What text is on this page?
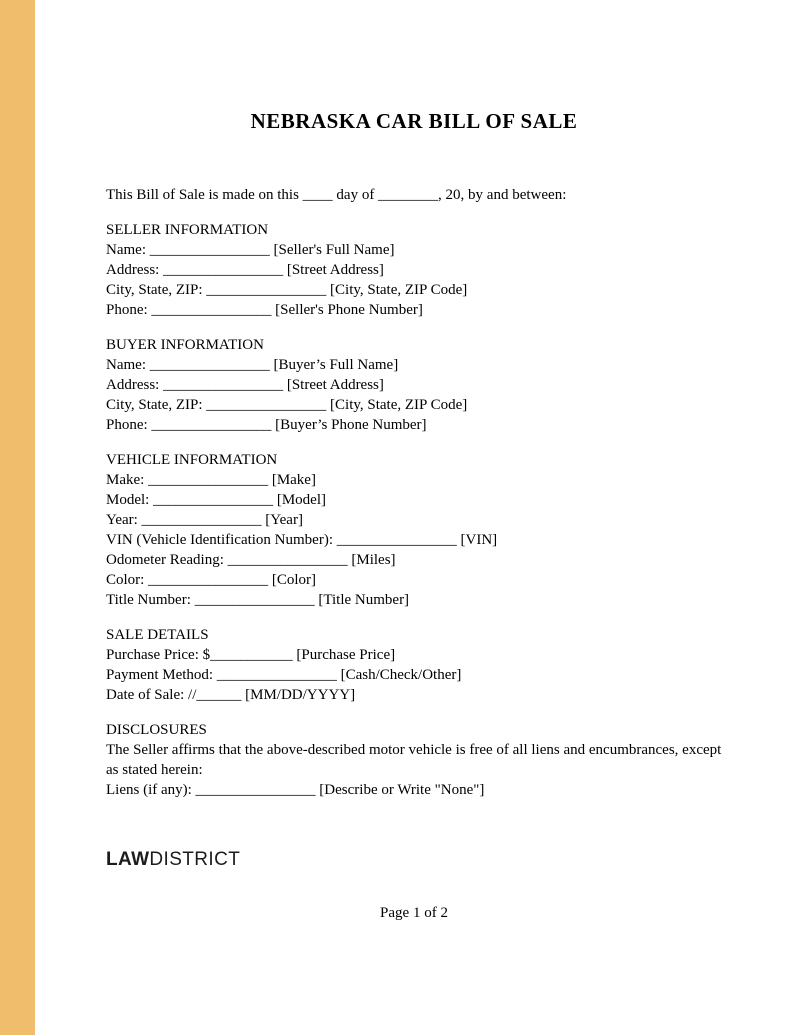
NEBRASKA CAR BILL OF SALE

This Bill of Sale is made on this ____ day of ________, 20, by and between:

SELLER INFORMATION

Name: ________________ [Seller's Full Name]

Address: ________________ [Street Address]

City, State, ZIP: ________________ [City, State, ZIP Code]

Phone: ________________ [Seller's Phone Number]

BUYER INFORMATION

Name: ________________ [Buyer’s Full Name]

Address: ________________ [Street Address]

City, State, ZIP: ________________ [City, State, ZIP Code]

Phone: ________________ [Buyer’s Phone Number]

VEHICLE INFORMATION

Make: ________________ [Make]

Model: ________________ [Model]

Year: ________________ [Year]

VIN (Vehicle Identification Number): ________________ [VIN]

Odometer Reading: ________________ [Miles]

Color: ________________ [Color]

Title Number: ________________ [Title Number]

SALE DETAILS

Purchase Price: $___________ [Purchase Price]

Payment Method: ________________ [Cash/Check/Other]

Date of Sale: //______ [MM/DD/YYYY]

DISCLOSURES

The Seller affirms that the above-described motor vehicle is free of all liens and encumbrances, except as stated herein:

Liens (if any): ________________ [Describe or Write "None"]

LAWDISTRICT

Page 1 of 2
